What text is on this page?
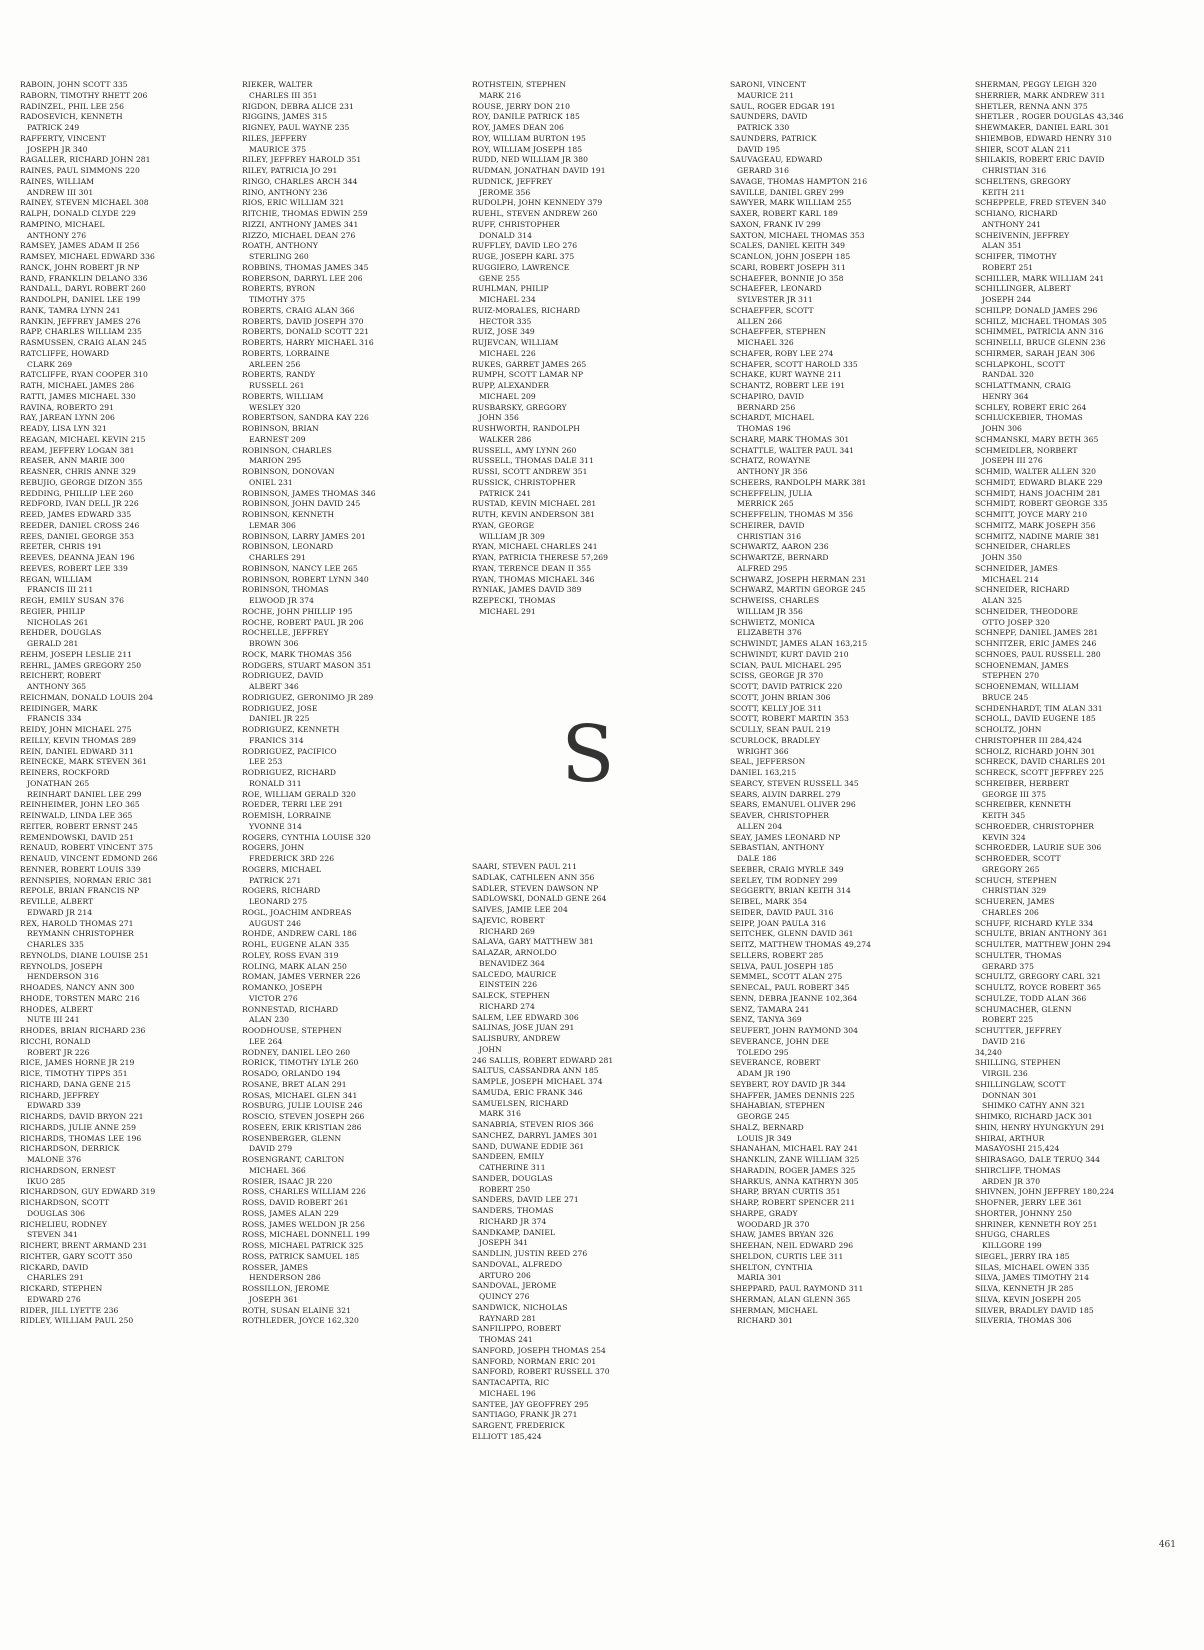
RABOIN, JOHN SCOTT 335
RABORN, TIMOTHY RHETT 206
RADINZEL, PHIL LEE 256
RADOSEVICH, KENNETH
PATRICK 249
RAFFERTY, VINCENT
JOSEPH JR 340
RAGALLER, RICHARD JOHN 281
RAINES, PAUL SIMMONS 220
RAINES, WILLIAM
ANDREW III 301
RAINEY, STEVEN MICHAEL 308
RALPH, DONALD CLYDE 229
RAMPINO, MICHAEL
ANTHONY 276
RAMSEY, JAMES ADAM II 256
RAMSEY, MICHAEL EDWARD 336
RANCK, JOHN ROBERT JR NP
RAND, FRANKLIN DELANO 336
RANDALL, DARYL ROBERT 260
RANDOLPH, DANIEL LEE 199
RANK, TAMRA LYNN 241
RANKIN, JEFFREY JAMES 276
RAPP, CHARLES WILLIAM 235
RASMUSSEN, CRAIG ALAN 245
RATCLIFFE, HOWARD
CLARK 269
RATCLIFFE, RYAN COOPER 310
RATH, MICHAEL JAMES 286
RATTI, JAMES MICHAEL 330
RAVINA, ROBERTO 291
RAY, JAREAN LYNN 206
READY, LISA LYN 321
REAGAN, MICHAEL KEVIN 215
REAM, JEFFERY LOGAN 381
REASER, ANN MARIE 300
REASNER, CHRIS ANNE 329
REBUJIO, GEORGE DIZON 355
REDDING, PHILLIP LEE 260
REDFORD, IVAN DELL JR 226
REED, JAMES EDWARD 335
REEDER, DANIEL CROSS 246
REES, DANIEL GEORGE 353
REETER, CHRIS 191
REEVES, DEANNA JEAN 196
REEVES, ROBERT LEE 339
REGAN, WILLIAM
FRANCIS III 211
REGH, EMILY SUSAN 376
REGIER, PHILIP
NICHOLAS 261
REHDER, DOUGLAS
GERALD 281
REHM, JOSEPH LESLIE 211
REHRL, JAMES GREGORY 250
REICHERT, ROBERT
ANTHONY 365
REICHMAN, DONALD LOUIS 204
REIDINGER, MARK
FRANCIS 334
REIDY, JOHN MICHAEL 275
REILLY, KEVIN THOMAS 289
REIN, DANIEL EDWARD 311
REINECKE, MARK STEVEN 361
REINERS, ROCKFORD
JONATHAN 265
REINHART DANIEL LEE 299
REINHEIMER, JOHN LEO 365
REINWALD, LINDA LEE 365
REITER, ROBERT ERNST 245
REMENDOWSKI, DAVID 251
RENAUD, ROBERT VINCENT 375
RENAUD, VINCENT EDMOND 266
RENNER, ROBERT LOUIS 339
RENNSPIES, NORMAN ERIC 381
REPOLE, BRIAN FRANCIS NP
REVILLE, ALBERT
EDWARD JR 214
REX, HAROLD THOMAS 271
REYMANN CHRISTOPHER
CHARLES 335
REYNOLDS, DIANE LOUISE 251
REYNOLDS, JOSEPH
HENDERSON 316
RHOADES, NANCY ANN 300
RHODE, TORSTEN MARC 216
RHODES, ALBERT
NUTE III 241
RHODES, BRIAN RICHARD 236
RICCHI, RONALD
ROBERT JR 226
RICE, JAMES HORNE JR 219
RICE, TIMOTHY TIPPS 351
RICHARD, DANA GENE 215
RICHARD, JEFFREY
EDWARD 339
RICHARDS, DAVID BRYON 221
RICHARDS, JULIE ANNE 259
RICHARDS, THOMAS LEE 196
RICHARDSON, DERRICK
MALONE 376
RICHARDSON, ERNEST
IKUO 285
RICHARDSON, GUY EDWARD 319
RICHARDSON, SCOTT
DOUGLAS 306
RICHELIEU, RODNEY
STEVEN 341
RICHERT, BRENT ARMAND 231
RICHTER, GARY SCOTT 350
RICKARD, DAVID
CHARLES 291
RICKARD, STEPHEN
EDWARD 276
RIDER, JILL LYETTE 236
RIDLEY, WILLIAM PAUL 250
RIEKER, WALTER
CHARLES III 351
RIGDON, DEBRA ALICE 231
RIGGINS, JAMES 315
RIGNEY, PAUL WAYNE 235
RILES, JEFFERY
MAURICE 375
RILEY, JEFFREY HAROLD 351
RILEY, PATRICIA JO 291
RINGO, CHARLES ARCH 344
RINO, ANTHONY 236
RIOS, ERIC WILLIAM 321
RITCHIE, THOMAS EDWIN 259
RIZZI, ANTHONY JAMES 341
RIZZO, MICHAEL DEAN 276
ROATH, ANTHONY
STERLING 260
ROBBINS, THOMAS JAMES 345
ROBERSON, DARRYL LEE 206
ROBERTS, BYRON
TIMOTHY 375
ROBERTS, CRAIG ALAN 366
ROBERTS, DAVID JOSEPH 370
ROBERTS, DONALD SCOTT 221
ROBERTS, HARRY MICHAEL 316
ROBERTS, LORRAINE
ARLEEN 256
ROBERTS, RANDY
RUSSELL 261
ROBERTS, WILLIAM
WESLEY 320
ROBERTSON, SANDRA KAY 226
ROBINSON, BRIAN
EARNEST 209
ROBINSON, CHARLES
MARION 295
ROBINSON, DONOVAN
ONIEL 231
ROBINSON, JAMES THOMAS 346
ROBINSON, JOHN DAVID 245
ROBINSON, KENNETH
LEMAR 306
ROBINSON, LARRY JAMES 201
ROBINSON, LEONARD
CHARLES 291
ROBINSON, NANCY LEE 265
ROBINSON, ROBERT LYNN 340
ROBINSON, THOMAS
ELWOOD JR 374
ROCHE, JOHN PHILLIP 195
ROCHE, ROBERT PAUL JR 206
ROCHELLE, JEFFREY
BROWN 306
ROCK, MARK THOMAS 356
RODGERS, STUART MASON 351
RODRIGUEZ, DAVID
ALBERT 346
RODRIGUEZ, GERONIMO JR 289
RODRIGUEZ, JOSE
DANIEL JR 225
RODRIGUEZ, KENNETH
FRANICS 314
RODRIGUEZ, PACIFICO
LEE 253
RODRIGUEZ, RICHARD
RONALD 311
ROE, WILLIAM GERALD 320
ROEDER, TERRI LEE 291
ROEMISH, LORRAINE
YVONNE 314
ROGERS, CYNTHIA LOUISE 320
ROGERS, JOHN
FREDERICK 3RD 226
ROGERS, MICHAEL
PATRICK 271
ROGERS, RICHARD
LEONARD 275
ROGL, JOACHIM ANDREAS
AUGUST 246
ROHDE, ANDREW CARL 186
ROHL, EUGENE ALAN 335
ROLEY, ROSS EVAN 319
ROLING, MARK ALAN 250
ROMAN, JAMES VERNER 226
ROMANKO, JOSEPH
VICTOR 276
RONNESTAD, RICHARD
ALAN 230
ROODHOUSE, STEPHEN
LEE 264
RODNEY, DANIEL LEO 260
RORICK, TIMOTHY LYLE 260
ROSADO, ORLANDO 194
ROSANE, BRET ALAN 291
ROSAS, MICHAEL GLEN 341
ROSBURG, JULIE LOUISE 246
ROSCIO, STEVEN JOSEPH 266
ROSEEN, ERIK KRISTIAN 286
ROSENBERGER, GLENN
DAVID 279
ROSENGRANT, CARLTON
MICHAEL 366
ROSIER, ISAAC JR 220
ROSS, CHARLES WILLIAM 226
ROSS, DAVID ROBERT 261
ROSS, JAMES ALAN 229
ROSS, JAMES WELDON JR 256
ROSS, MICHAEL DONNELL 199
ROSS, MICHAEL PATRICK 325
ROSS, PATRICK SAMUEL 185
ROSSER, JAMES
HENDERSON 286
ROSSILLON, JEROME
JOSEPH 361
ROTH, SUSAN ELAINE 321
ROTHLEDER, JOYCE 162,320
ROTHSTEIN, STEPHEN
MARK 216
ROUSE, JERRY DON 210
ROY, DANILE PATRICK 185
ROY, JAMES DEAN 206
ROY, WILLIAM BURTON 195
ROY, WILLIAM JOSEPH 185
RUDD, NED WILLIAM JR 380
RUDMAN, JONATHAN DAVID 191
RUDNICK, JEFFREY
JEROME 356
RUDOLPH, JOHN KENNEDY 379
RUEHL, STEVEN ANDREW 260
RUFF, CHRISTOPHER
DONALD 314
RUFFLEY, DAVID LEO 276
RUGE, JOSEPH KARL 375
RUGGIERO, LAWRENCE
GENE 255
RUHLMAN, PHILIP
MICHAEL 234
RUIZ-MORALES, RICHARD
HECTOR 335
RUIZ, JOSE 349
RUJEVCAN, WILLIAM
MICHAEL 226
RUKES, GARRET JAMES 265
RUMPH, SCOTT LAMAR NP
RUPP, ALEXANDER
MICHAEL 209
RUSBARSKY, GREGORY
JOHN 356
RUSHWORTH, RANDOLPH
WALKER 286
RUSSELL, AMY LYNN 260
RUSSELL, THOMAS DALE 311
RUSSI, SCOTT ANDREW 351
RUSSICK, CHRISTOPHER
PATRICK 241
RUSTAD, KEVIN MICHAEL 281
RUTH, KEVIN ANDERSON 381
RYAN, GEORGE
WILLIAM JR 309
RYAN, MICHAEL CHARLES 241
RYAN, PATRICIA THERESE 57,269
RYAN, TERENCE DEAN II 355
RYAN, THOMAS MICHAEL 346
RYNIAK, JAMES DAVID 389
RZEPECKI, THOMAS
MICHAEL 291
S
SAARI, STEVEN PAUL 211
SADLAK, CATHLEEN ANN 356
SADLER, STEVEN DAWSON NP
SADLOWSKI, DONALD GENE 264
SAIVES, JAMIE LEE 204
SAJEVIC, ROBERT
RICHARD 269
SALAVA, GARY MATTHEW 381
SALAZAR, ARNOLDO
BENAVIDEZ 364
SALCEDO, MAURICE
EINSTEIN 226
SALECK, STEPHEN
RICHARD 274
SALEM, LEE EDWARD 306
SALINAS, JOSE JUAN 291
SALISBURY, ANDREW
JOHN
246 SALLIS, ROBERT EDWARD 281
SALTUS, CASSANDRA ANN 185
SAMPLE, JOSEPH MICHAEL 374
SAMUDA, ERIC FRANK 346
SAMUELSEN, RICHARD
MARK 316
SANABRIA, STEVEN RIOS 366
SANCHEZ, DARRYL JAMES 301
SAND, DUWANE EDDIE 361
SANDEEN, EMILY
CATHERINE 311
SANDER, DOUGLAS
ROBERT 250
SANDERS, DAVID LEE 271
SANDERS, THOMAS
RICHARD JR 374
SANDKAMP, DANIEL
JOSEPH 341
SANDLIN, JUSTIN REED 276
SANDOVAL, ALFREDO
ARTURO 206
SANDOVAL, JEROME
QUINCY 276
SANDWICK, NICHOLAS
RAYNARD 281
SANFILIPPO, ROBERT
THOMAS 241
SANFORD, JOSEPH THOMAS 254
SANFORD, NORMAN ERIC 201
SANFORD, ROBERT RUSSELL 370
SANTACAPITA, RIC
MICHAEL 196
SANTEE, JAY GEOFFREY 295
SANTIAGO, FRANK JR 271
SARGENT, FREDERICK
ELLIOTT 185,424
SARONI, VINCENT
MAURICE 211
SAUL, ROGER EDGAR 191
SAUNDERS, DAVID
PATRICK 330
SAUNDERS, PATRICK
DAVID 195
SAUVAGEAU, EDWARD
GERARD 316
SAVAGE, THOMAS HAMPTON 216
SAVILLE, DANIEL GREY 299
SAWYER, MARK WILLIAM 255
SAXER, ROBERT KARL 189
SAXON, FRANK IV 299
SAXTON, MICHAEL THOMAS 353
SCALES, DANIEL KEITH 349
SCANLON, JOHN JOSEPH 185
SCARI, ROBERT JOSEPH 311
SCHAEFER, BONNIE JO 358
SCHAEFER, LEONARD
SYLVESTER JR 311
SCHAEFFER, SCOTT
ALLEN 266
SCHAEFFER, STEPHEN
MICHAEL 326
SCHAFER, ROBY LEE 274
SCHAFER, SCOTT HAROLD 335
SCHAKE, KURT WAYNE 211
SCHANTZ, ROBERT LEE 191
SCHAPIRO, DAVID
BERNARD 256
SCHARDT, MICHAEL
THOMAS 196
SCHARF, MARK THOMAS 301
SCHATTLE, WALTER PAUL 341
SCHATZ, ROWAYNE
ANTHONY JR 356
SCHEERS, RANDOLPH MARK 381
SCHEFFELIN, JULIA
MERRICK 265
SCHEFFELIN, THOMAS M 356
SCHEIRER, DAVID
CHRISTIAN 316
SCHWARTZ, AARON 236
SCHWARTZE, BERNARD
ALFRED 295
SCHWARZ, JOSEPH HERMAN 231
SCHWARZ, MARTIN GEORGE 245
SCHWEISS, CHARLES
WILLIAM JR 356
SCHWIETZ, MONICA
ELIZABETH 376
SCHWINDT, JAMES ALAN 163,215
SCHWINDT, KURT DAVID 210
SCIAN, PAUL MICHAEL 295
SCISS, GEORGE JR 370
SCOTT, DAVID PATRICK 220
SCOTT, JOHN BRIAN 306
SCOTT, KELLY JOE 311
SCOTT, ROBERT MARTIN 353
SCULLY, SEAN PAUL 219
SCURLOCK, BRADLEY
WRIGHT 366
SEAL, JEFFERSON
DANIEL 163,215
SEARCY, STEVEN RUSSELL 345
SEARS, ALVIN DARREL 279
SEARS, EMANUEL OLIVER 296
SEAVER, CHRISTOPHER
ALLEN 204
SEAY, JAMES LEONARD NP
SEBASTIAN, ANTHONY
DALE 186
SEEBER, CRAIG MYRLE 349
SEELEY, TIM RODNEY 299
SEGGERTY, BRIAN KEITH 314
SEIBEL, MARK 354
SEIDER, DAVID PAUL 316
SEIPP, JOAN PAULA 316
SEITCHEK, GLENN DAVID 361
SEITZ, MATTHEW THOMAS 49,274
SELLERS, ROBERT 285
SELVA, PAUL JOSEPH 185
SEMMEL, SCOTT ALAN 275
SENECAL, PAUL ROBERT 345
SENN, DEBRA JEANNE 102,364
SENZ, TAMARA 241
SENZ, TANYA 369
SEUFERT, JOHN RAYMOND 304
SEVERANCE, JOHN DEE
TOLEDO 295
SEVERANCE, ROBERT
ADAM JR 190
SEYBERT, ROY DAVID JR 344
SHAFFER, JAMES DENNIS 225
SHAHABIAN, STEPHEN
GEORGE 245
SHALZ, BERNARD
LOUIS JR 349
SHANAHAN, MICHAEL RAY 241
SHANKLIN, ZANE WILLIAM 325
SHARADIN, ROGER JAMES 325
SHARKUS, ANNA KATHRYN 305
SHARP, BRYAN CURTIS 351
SHARP, ROBERT SPENCER 211
SHARPE, GRADY
WOODARD JR 370
SHAW, JAMES BRYAN 326
SHEEHAN, NEIL EDWARD 296
SHELDON, CURTIS LEE 311
SHELTON, CYNTHIA
MARIA 301
SHEPPARD, PAUL RAYMOND 311
SHERMAN, ALAN GLENN 365
SHERMAN, MICHAEL
RICHARD 301
SHERMAN, PEGGY LEIGH 320
SHERRIER, MARK ANDREW 311
SHETLER, RENNA ANN 375
SHETLER , ROGER DOUGLAS 43,346
SHEWMAKER, DANIEL EARL 301
SHIEMBOB, EDWARD HENRY 310
SHIER, SCOT ALAN 211
SHILAKIS, ROBERT ERIC DAVID
CHRISTIAN 316
SCHELTENS, GREGORY
KEITH 211
SCHEPPELE, FRED STEVEN 340
SCHIANO, RICHARD
ANTHONY 241
SCHEIVENIN, JEFFREY
ALAN 351
SCHIFER, TIMOTHY
ROBERT 251
SCHILLER, MARK WILLIAM 241
SCHILLINGER, ALBERT
JOSEPH 244
SCHILPP, DONALD JAMES 296
SCHILZ, MICHAEL THOMAS 305
SCHIMMEL, PATRICIA ANN 316
SCHINELLI, BRUCE GLENN 236
SCHIRMER, SARAH JEAN 306
SCHLAPKOHL, SCOTT
RANDAL 320
SCHLATTMANN, CRAIG
HENRY 364
SCHLEY, ROBERT ERIC 264
SCHLUCKEBIER, THOMAS
JOHN 306
SCHMANSKI, MARY BETH 365
SCHMEIDLER, NORBERT
JOSEPH III 276
SCHMID, WALTER ALLEN 320
SCHMIDT, EDWARD BLAKE 229
SCHMIDT, HANS JOACHIM 281
SCHMIDT, ROBERT GEORGE 335
SCHMITT, JOYCE MARY 210
SCHMITZ, MARK JOSEPH 356
SCHMITZ, NADINE MARIE 381
SCHNEIDER, CHARLES
JOHN 350
SCHNEIDER, JAMES
MICHAEL 214
SCHNEIDER, RICHARD
ALAN 325
SCHNEIDER, THEODORE
OTTO JOSEP 320
SCHNEPF, DANIEL JAMES 281
SCHNITZER, ERIC JAMES 246
SCHNOES, PAUL RUSSELL 280
SCHOENEMAN, JAMES
STEPHEN 270
SCHOENEMAN, WILLIAM
BRUCE 245
SCHDENHARDT, TIM ALAN 331
SCHOLL, DAVID EUGENE 185
SCHOLTZ, JOHN
CHRISTOPHER III 284,424
SCHOLZ, RICHARD JOHN 301
SCHRECK, DAVID CHARLES 201
SCHRECK, SCOTT JEFFREY 225
SCHREIBER, HERBERT
GEORGE III 375
SCHREIBER, KENNETH
KEITH 345
SCHROEDER, CHRISTOPHER
KEVIN 324
SCHROEDER, LAURIE SUE 306
SCHROEDER, SCOTT
GREGORY 265
SCHUCH, STEPHEN
CHRISTIAN 329
SCHUEREN, JAMES
CHARLES 206
SCHUFF, RICHARD KYLE 334
SCHULTE, BRIAN ANTHONY 361
SCHULTER, MATTHEW JOHN 294
SCHULTER, THOMAS
GERARD 375
SCHULTZ, GREGORY CARL 321
SCHULTZ, ROYCE ROBERT 365
SCHULZE, TODD ALAN 366
SCHUMACHER, GLENN
ROBERT 225
SCHUTTER, JEFFREY
DAVID 216
34,240
SHILLING, STEPHEN
VIRGIL 236
SHILLINGLAW, SCOTT
DONNAN 301
SHIMKO CATHY ANN 321
SHIMKO, RICHARD JACK 301
SHIN, HENRY HYUNGKYUN 291
SHIRAI, ARTHUR
MASAYOSHI 215,424
SHIRASAGO, DALE TERUQ 344
SHIRCLIFF, THOMAS
ARDEN JR 370
SHIVNEN, JOHN JEFFREY 180,224
SHOFNER, JERRY LEE 361
SHORTER, JOHNNY 250
SHRINER, KENNETH ROY 251
SHUGG, CHARLES
KILLGORE 199
SIEGEL, JERRY IRA 185
SILAS, MICHAEL OWEN 335
SILVA, JAMES TIMOTHY 214
SILVA, KENNETH JR 285
SILVA, KEVIN JOSEPH 205
SILVER, BRADLEY DAVID 185
SILVERIA, THOMAS 306
461
